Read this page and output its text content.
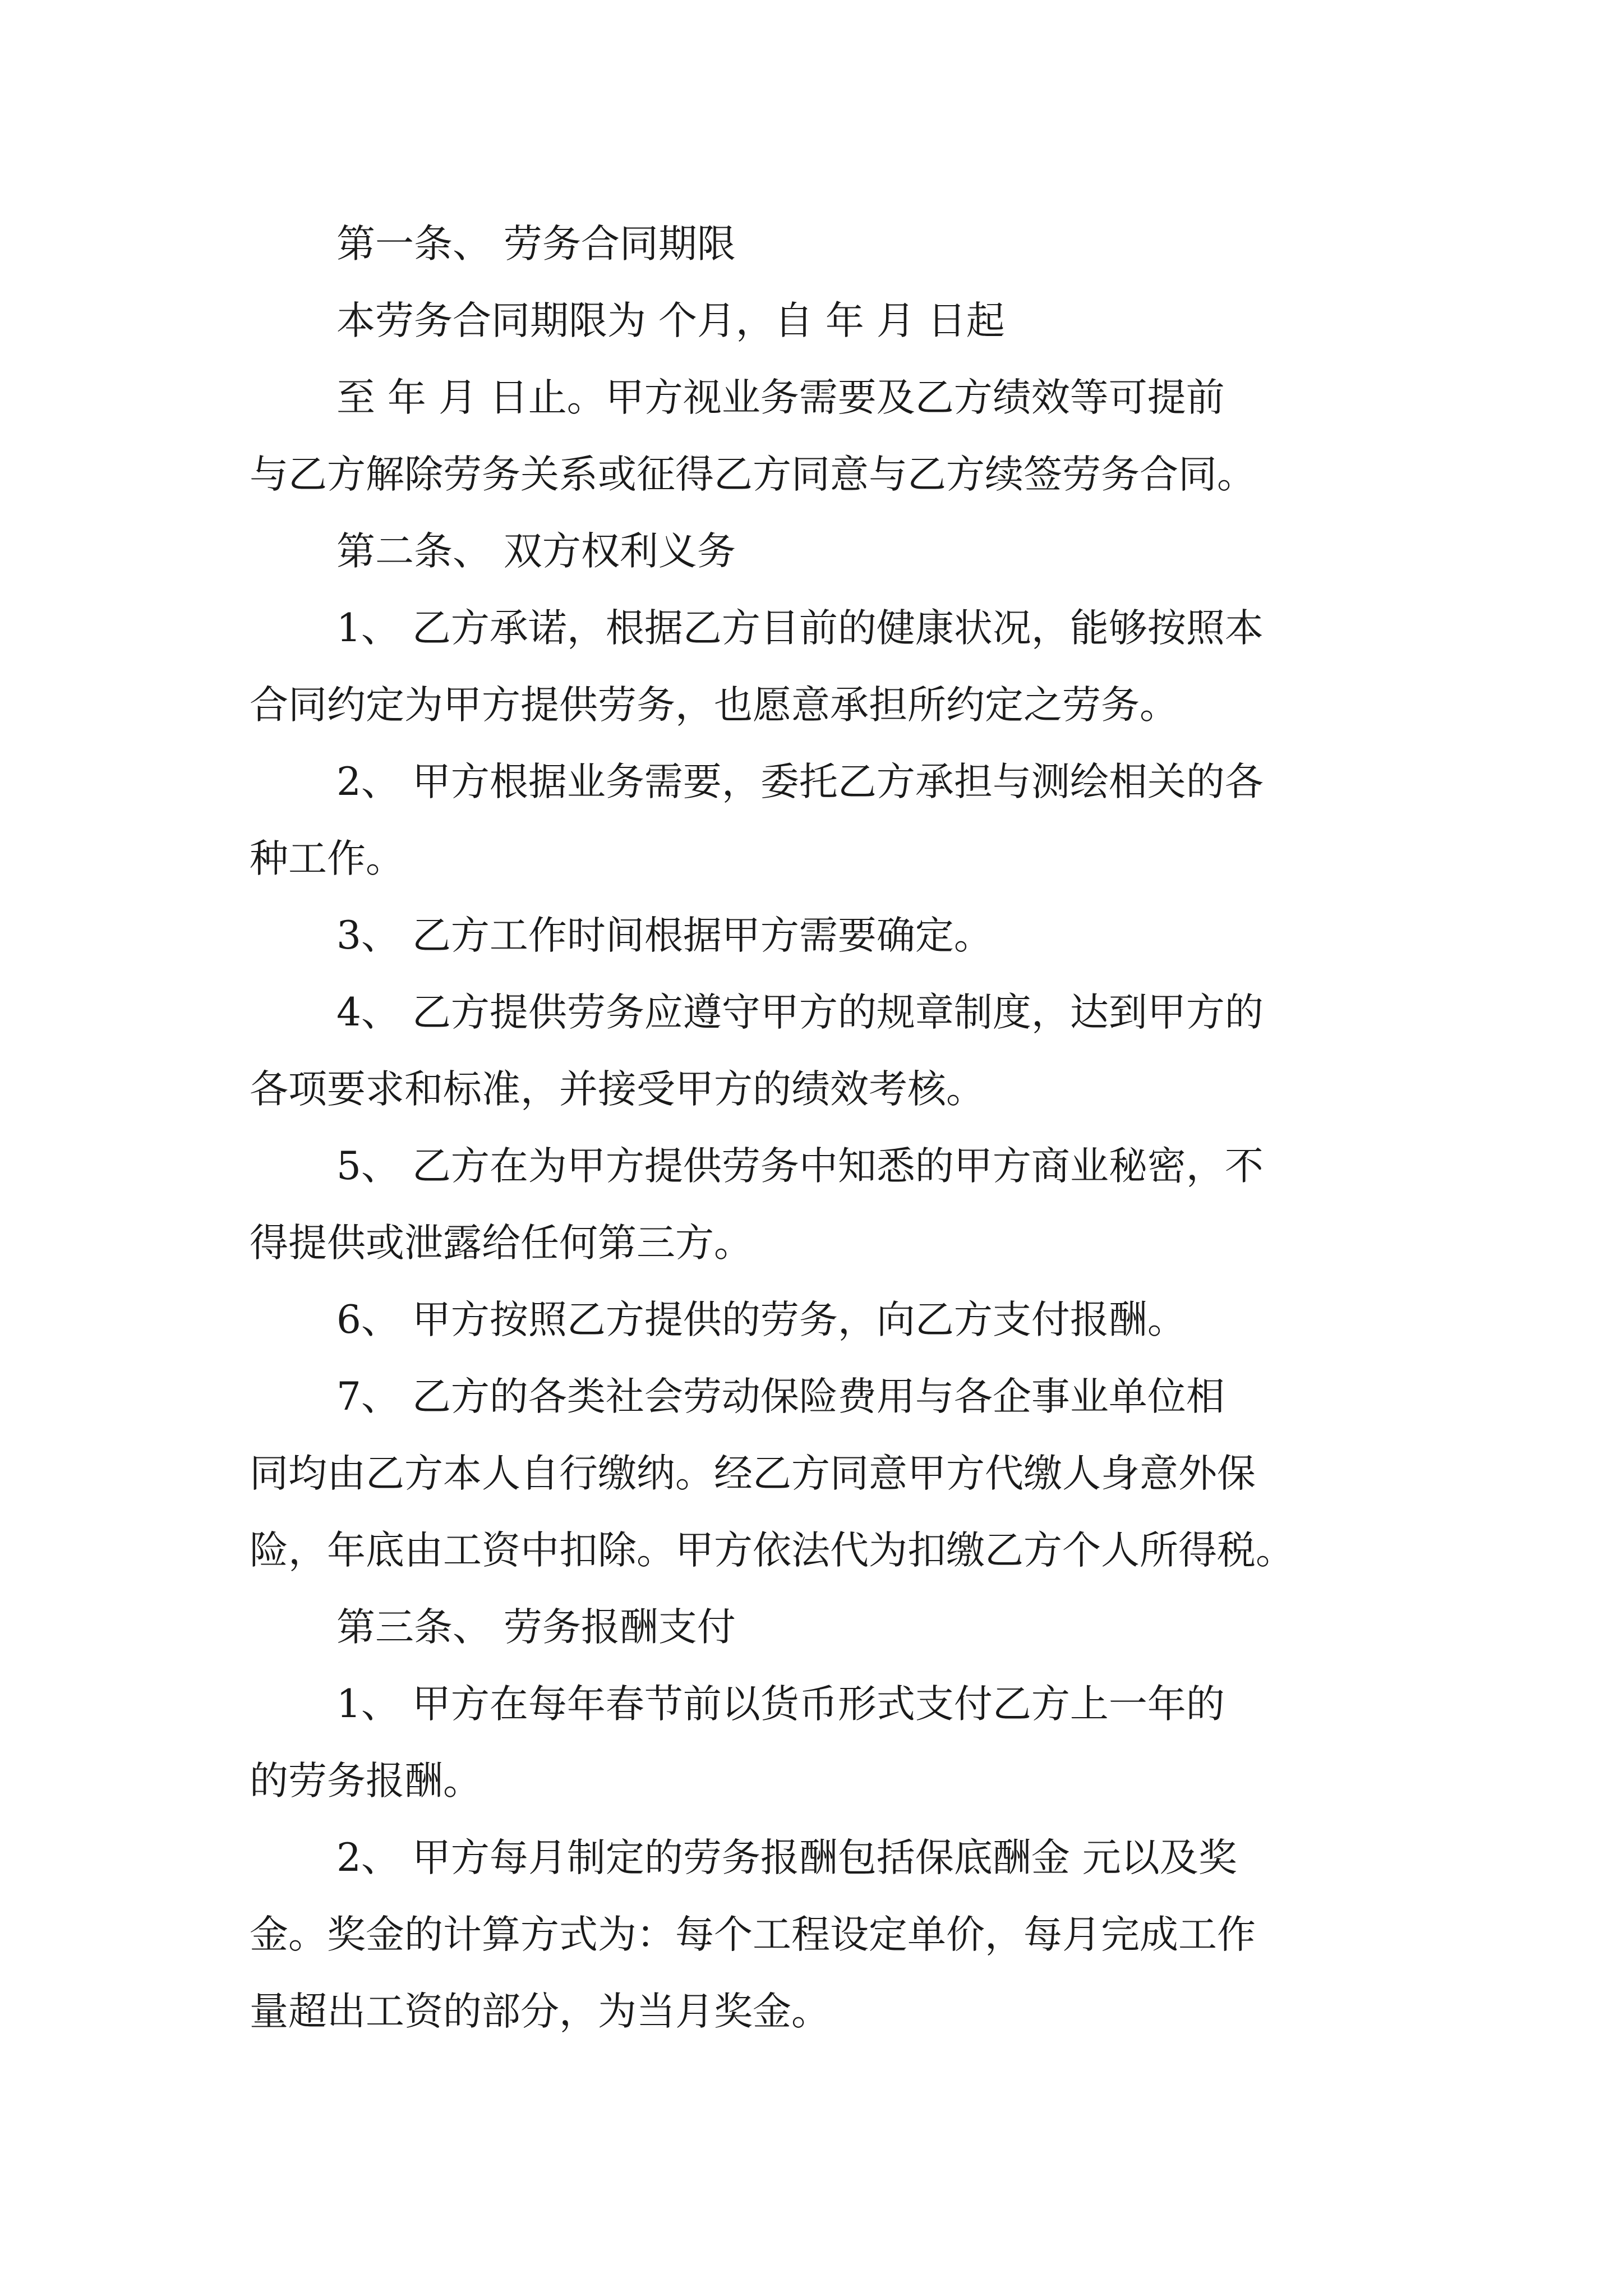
第一条、 劳务合同期限
本劳务合同期限为 个月，自 年 月 日起
至 年 月 日止。甲方视业务需要及乙方绩效等可提前
与乙方解除劳务关系或征得乙方同意与乙方续签劳务合同。
第二条、 双方权利义务
1、 乙方承诺，根据乙方目前的健康状况，能够按照本
合同约定为甲方提供劳务，也愿意承担所约定之劳务。
2、 甲方根据业务需要，委托乙方承担与测绘相关的各
种工作。
3、 乙方工作时间根据甲方需要确定。
4、 乙方提供劳务应遵守甲方的规章制度，达到甲方的
各项要求和标准，并接受甲方的绩效考核。
5、 乙方在为甲方提供劳务中知悉的甲方商业秘密，不
得提供或泄露给任何第三方。
6、 甲方按照乙方提供的劳务，向乙方支付报酬。
7、 乙方的各类社会劳动保险费用与各企事业单位相
同均由乙方本人自行缴纳。经乙方同意甲方代缴人身意外保
险，年底由工资中扣除。甲方依法代为扣缴乙方个人所得税。
第三条、 劳务报酬支付
1、 甲方在每年春节前以货币形式支付乙方上一年的
的劳务报酬。
2、 甲方每月制定的劳务报酬包括保底酬金 元以及奖
金。奖金的计算方式为：每个工程设定单价，每月完成工作
量超出工资的部分，为当月奖金。
